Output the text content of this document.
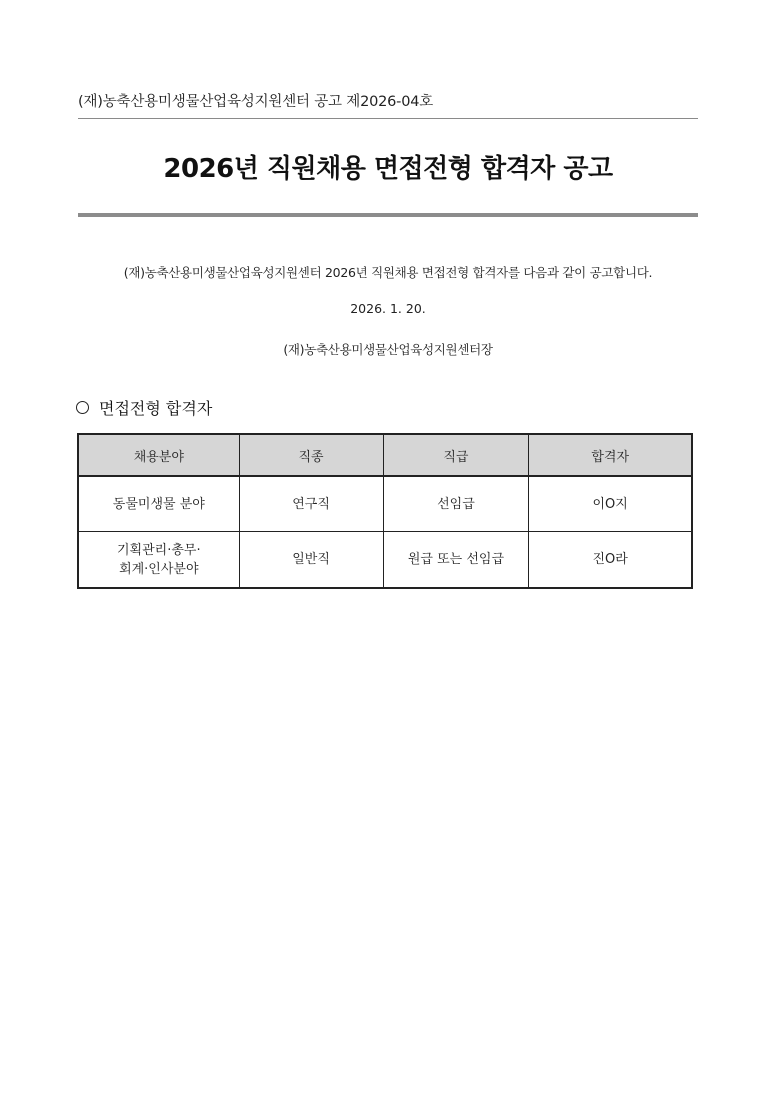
(재)농축산용미생물산업육성지원센터 공고 제2026-04호
2026년 직원채용 면접전형 합격자 공고
(재)농축산용미생물산업육성지원센터 2026년 직원채용 면접전형 합격자를 다음과 같이 공고합니다.
2026. 1. 20.
(재)농축산용미생물산업육성지원센터장
면접전형 합격자
채용분야	직종	직급	합격자
동물미생물 분야	연구직	선임급	이O지
기획관리·총무·
회계·인사분야	일반직	원급 또는 선임급	진O라
